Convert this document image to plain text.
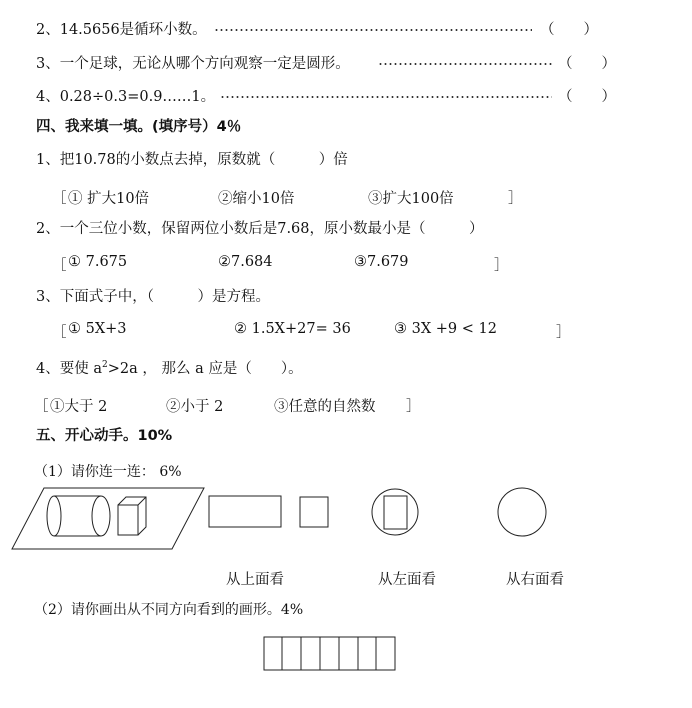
2、14.5656是循环小数。	（　　）
3、一个足球，无论从哪个方向观察一定是圆形。	（　　）
4、0.28÷0.3=0.9……1。	（　　）
四、我来填一填。(填序号）4％
1、把10.78的小数点去掉，原数就（　　　）倍
［ ① 扩大10倍	②缩小10倍	③扩大100倍	］
2、一个三位小数，保留两位小数后是7.68，原小数最小是（　　　）
［ ① 7.675	②7.684	③7.679	］
3、下面式子中，（　　　）是方程。
［ ① 5X+3	② 1.5X+27= 36	③ 3X +9 < 12	］
4、要使 $a^2>2a$ ， 那么 a 应是（　　）。
［ ①大于 2	②小于 2	③任意的自然数 ］
五、开心动手。10%
（1）请你连一连： 6%
从上面看	从左面看	从右面看
（2）请你画出从不同方向看到的画形。4%
